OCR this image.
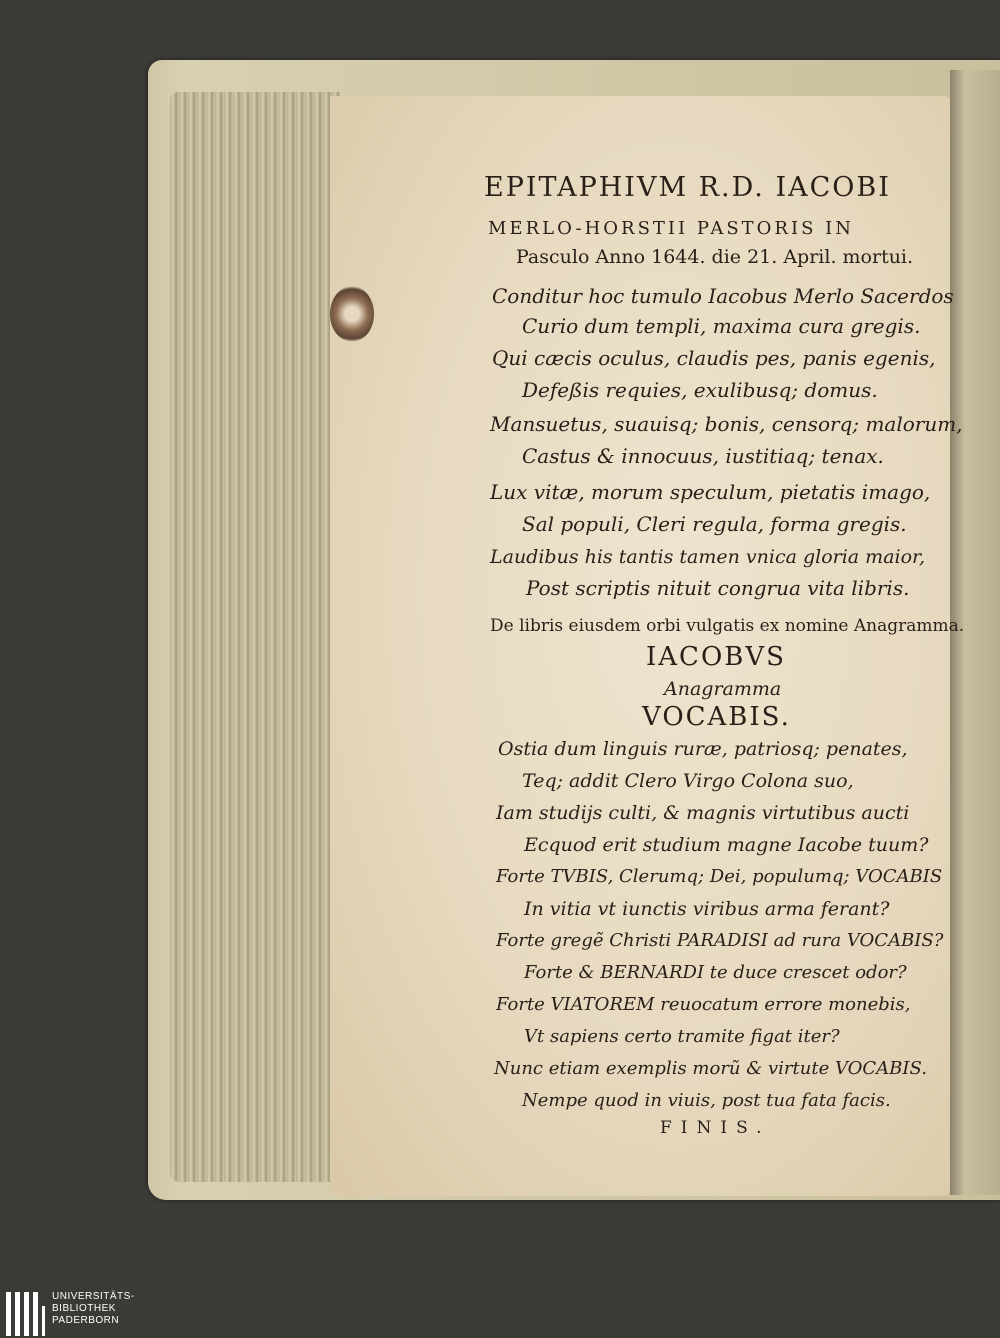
EPITAPHIVM R.D. IACOBI
MERLO-HORSTII PASTORIS IN
Pasculo Anno 1644. die 21. April. mortui.
Conditur hoc tumulo Iacobus Merlo Sacerdos
Curio dum templi, maxima cura gregis.
Qui cæcis oculus, claudis pes, panis egenis,
Defeßis requies, exulibusq; domus.
Mansuetus, suauisq; bonis, censorq; malorum,
Castus & innocuus, iustitiaq; tenax.
Lux vitæ, morum speculum, pietatis imago,
Sal populi, Cleri regula, forma gregis.
Laudibus his tantis tamen vnica gloria maior,
Post scriptis nituit congrua vita libris.
De libris eiusdem orbi vulgatis ex nomine Anagramma.
IACOBVS
Anagramma
VOCABIS.
Ostia dum linguis ruræ, patriosq; penates,
Teq; addit Clero Virgo Colona suo,
Iam studijs culti, & magnis virtutibus aucti
Ecquod erit studium magne Iacobe tuum?
Forte TVBIS, Clerumq; Dei, populumq; VOCABIS
In vitia vt iunctis viribus arma ferant?
Forte gregẽ Christi PARADISI ad rura VOCABIS?
Forte & BERNARDI te duce crescet odor?
Forte VIATOREM reuocatum errore monebis,
Vt sapiens certo tramite figat iter?
Nunc etiam exemplis morũ & virtute VOCABIS.
Nempe quod in viuis, post tua fata facis.
FINIS.
UNIVERSITÄTS-
BIBLIOTHEK
PADERBORN
